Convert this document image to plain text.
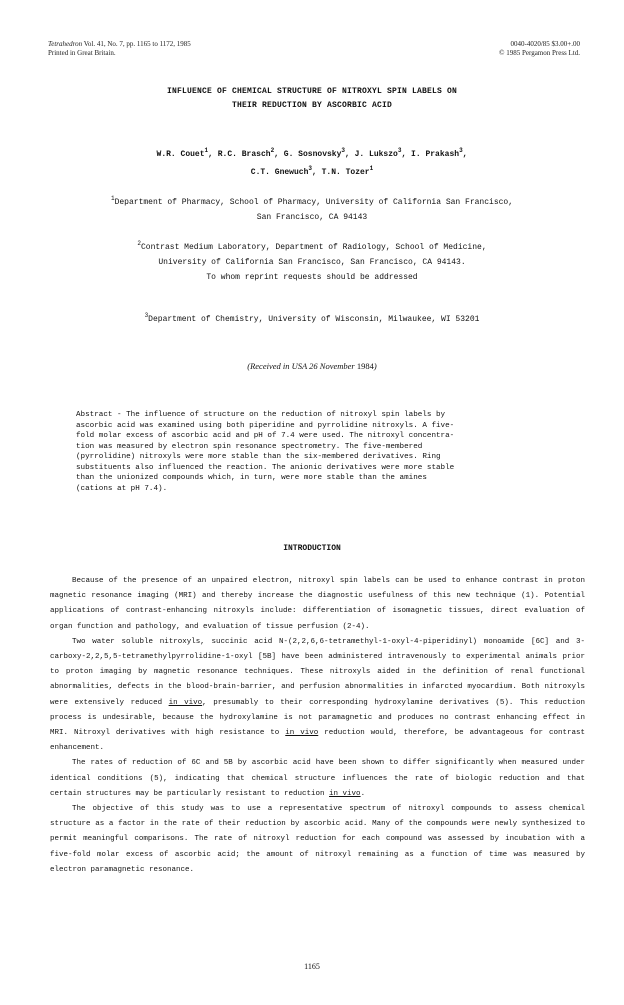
Tetrahedron Vol. 41, No. 7, pp. 1165 to 1172, 1985
Printed in Great Britain.
0040-4020/85 $3.00+.00
© 1985 Pergamon Press Ltd.
INFLUENCE OF CHEMICAL STRUCTURE OF NITROXYL SPIN LABELS ON
THEIR REDUCTION BY ASCORBIC ACID
W.R. Couet$^1$, R.C. Brasch$^2$, G. Sosnovsky$^3$, J. Lukszo$^3$, I. Prakash$^3$,
C.T. Gnewuch$^3$, T.N. Tozer$^1$
$^1$Department of Pharmacy, School of Pharmacy, University of California San Francisco,
San Francisco, CA 94143
$^2$Contrast Medium Laboratory, Department of Radiology, School of Medicine,
University of California San Francisco, San Francisco, CA 94143.
To whom reprint requests should be addressed
$^3$Department of Chemistry, University of Wisconsin, Milwaukee, WI 53201
(Received in USA 26 November 1984)
Abstract - The influence of structure on the reduction of nitroxyl spin labels by
ascorbic acid was examined using both piperidine and pyrrolidine nitroxyls. A five-
fold molar excess of ascorbic acid and pH of 7.4 were used. The nitroxyl concentra-
tion was measured by electron spin resonance spectrometry. The five-membered
(pyrrolidine) nitroxyls were more stable than the six-membered derivatives. Ring
substituents also influenced the reaction. The anionic derivatives were more stable
than the unionized compounds which, in turn, were more stable than the amines
(cations at pH 7.4).
INTRODUCTION

Because of the presence of an unpaired electron, nitroxyl spin labels can be used to enhance contrast in proton magnetic resonance imaging (MRI) and thereby increase the diagnostic usefulness of this new technique (1). Potential applications of contrast-enhancing nitroxyls include: differentiation of isomagnetic tissues, direct evaluation of organ function and pathology, and evaluation of tissue perfusion (2-4).

Two water soluble nitroxyls, succinic acid N-(2,2,6,6-tetramethyl-1-oxyl-4-piperidinyl) monoamide [6C] and 3-carboxy-2,2,5,5-tetramethylpyrrolidine-1-oxyl [5B] have been administered intravenously to experimental animals prior to proton imaging by magnetic resonance techniques. These nitroxyls aided in the definition of renal functional abnormalities, defects in the blood-brain-barrier, and perfusion abnormalities in infarcted myocardium. Both nitroxyls were extensively reduced in vivo, presumably to their corresponding hydroxylamine derivatives (5). This reduction process is undesirable, because the hydroxylamine is not paramagnetic and produces no contrast enhancing effect in MRI. Nitroxyl derivatives with high resistance to in vivo reduction would, therefore, be advantageous for contrast enhancement.

The rates of reduction of 6C and 5B by ascorbic acid have been shown to differ significantly when measured under identical conditions (5), indicating that chemical structure influences the rate of biologic reduction and that certain structures may be particularly resistant to reduction in vivo.

The objective of this study was to use a representative spectrum of nitroxyl compounds to assess chemical structure as a factor in the rate of their reduction by ascorbic acid. Many of the compounds were newly synthesized to permit meaningful comparisons. The rate of nitroxyl reduction for each compound was assessed by incubation with a five-fold molar excess of ascorbic acid; the amount of nitroxyl remaining as a function of time was measured by electron paramagnetic resonance.

1165
